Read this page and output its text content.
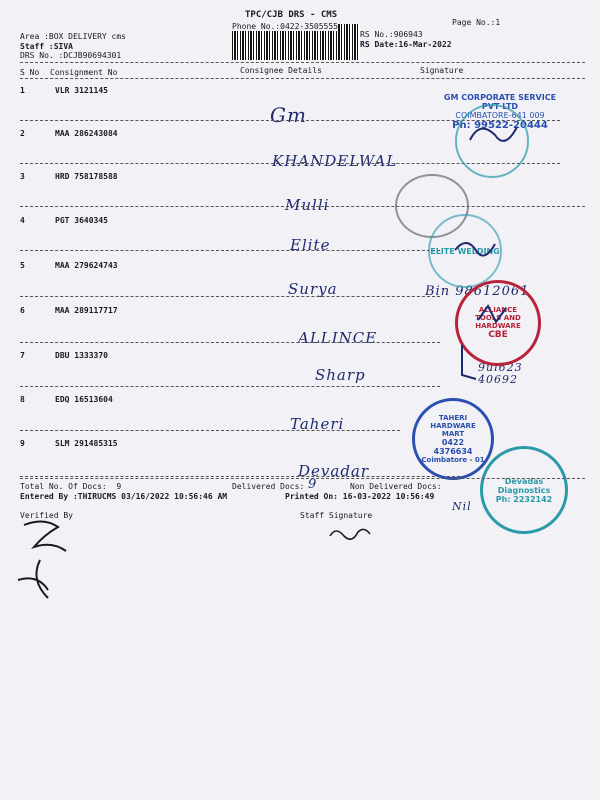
TPC/CJB DRS - CMS
Phone No.:0422-3505555	Page No.:1
Area :BOX DELIVERY cms
Staff :SIVA
DRS No. :DCJB90694301
RS No.:906943
RS Date:16-Mar-2022
S No Consignment No	Consignee Details	Signature
1	VLR 3121145
Gm
2	MAA 286243084
KHANDELWAL
3	HRD 758178588
Mulli
4	PGT 3640345
Elite
5	MAA 279624743
Surya	Bin 98612061
6	MAA 289117717
ALLINCE
7	DBU 1333370
Sharp	9ui623 40692
8	EDQ 16513604
Taheri
9	SLM 291485315
Devadar
GM CORPORATE SERVICE PVT LTD
COIMBATORE-641 009
Ph: 99522-20444
ELITE WELDING
ALLIANCE TOOLS AND HARDWARE
CBE
TAHERI HARDWARE MART
0422 4376634
Coimbatore - 01
Devadas Diagnostics
Ph: 2232142
Total No. Of Docs:  9	Delivered Docs: 9	Non Delivered Docs:
Entered By :THIRUCMS 03/16/2022 10:56:46 AM	Printed On: 16-03-2022 10:56:49
Nil
Verified By	Staff Signature
